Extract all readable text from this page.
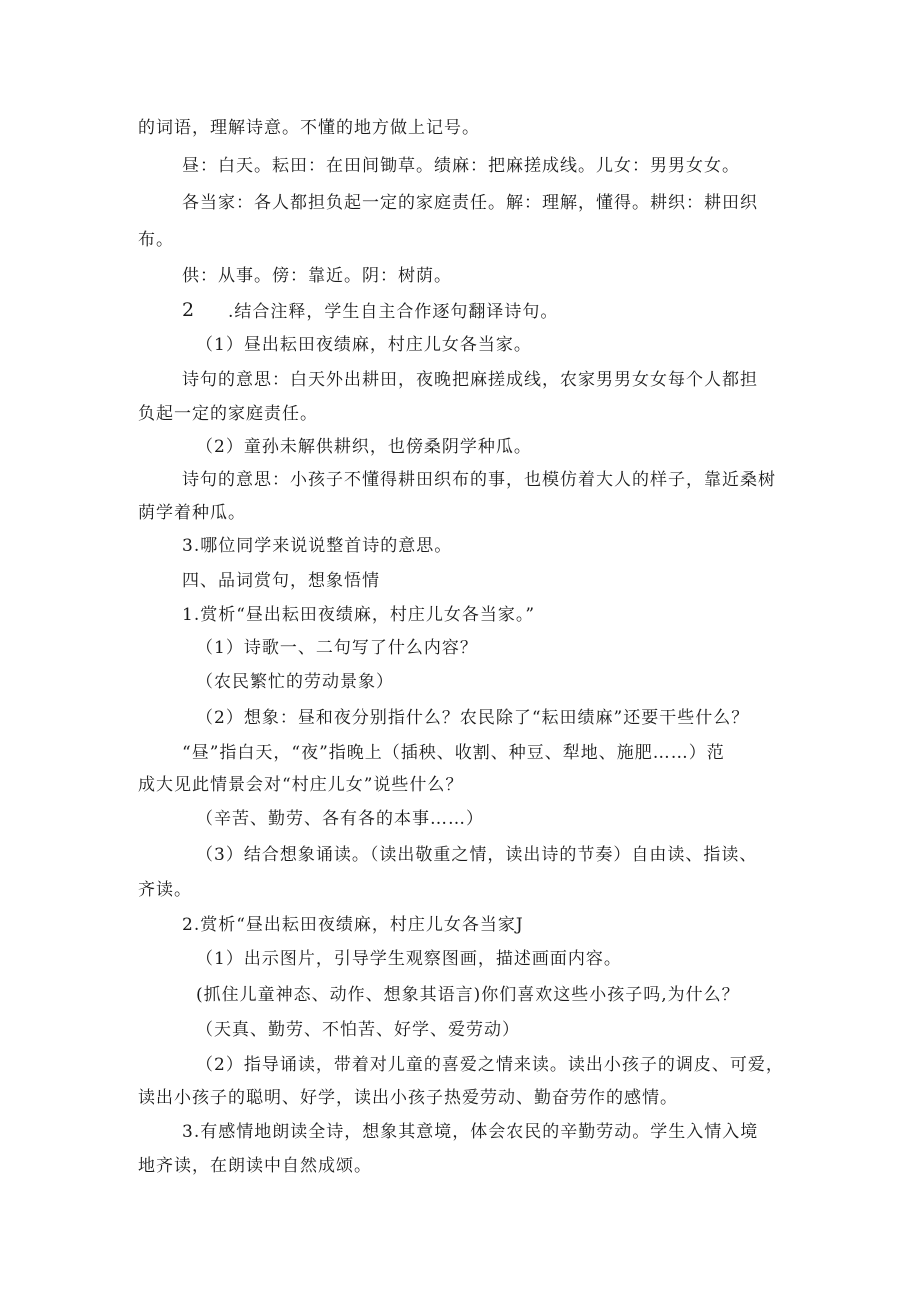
的词语，理解诗意。不懂的地方做上记号。
昼：白天。耘田：在田间锄草。绩麻：把麻搓成线。儿女：男男女女。
各当家：各人都担负起一定的家庭责任。解：理解，懂得。耕织：耕田织
布。
供：从事。傍：靠近。阴：树荫。
2 .结合注释，学生自主合作逐句翻译诗句。
（1）昼出耘田夜绩麻，村庄儿女各当家。
诗句的意思：白天外出耕田，夜晚把麻搓成线，农家男男女女每个人都担
负起一定的家庭责任。
（2）童孙未解供耕织，也傍桑阴学种瓜。
诗句的意思：小孩子不懂得耕田织布的事，也模仿着大人的样子，靠近桑树
荫学着种瓜。
3.哪位同学来说说整首诗的意思。
四、品词赏句，想象悟情
1.赏析“昼出耘田夜绩麻，村庄儿女各当家。”
（1）诗歌一、二句写了什么内容？
（农民繁忙的劳动景象）
（2）想象：昼和夜分别指什么？农民除了“耘田绩麻”还要干些什么？
“昼”指白天，“夜”指晚上（插秧、收割、种豆、犁地、施肥……）范
成大见此情景会对“村庄儿女”说些什么？
（辛苦、勤劳、各有各的本事……）
（3）结合想象诵读。（读出敬重之情，读出诗的节奏）自由读、指读、
齐读。
2.赏析“昼出耘田夜绩麻，村庄儿女各当家J
（1）出示图片，引导学生观察图画，描述画面内容。
(抓住儿童神态、动作、想象其语言)你们喜欢这些小孩子吗,为什么？
（天真、勤劳、不怕苦、好学、爱劳动）
（2）指导诵读，带着对儿童的喜爱之情来读。读出小孩子的调皮、可爱，
读出小孩子的聪明、好学，读出小孩子热爱劳动、勤奋劳作的感情。
3.有感情地朗读全诗，想象其意境，体会农民的辛勤劳动。学生入情入境
地齐读，在朗读中自然成颂。
